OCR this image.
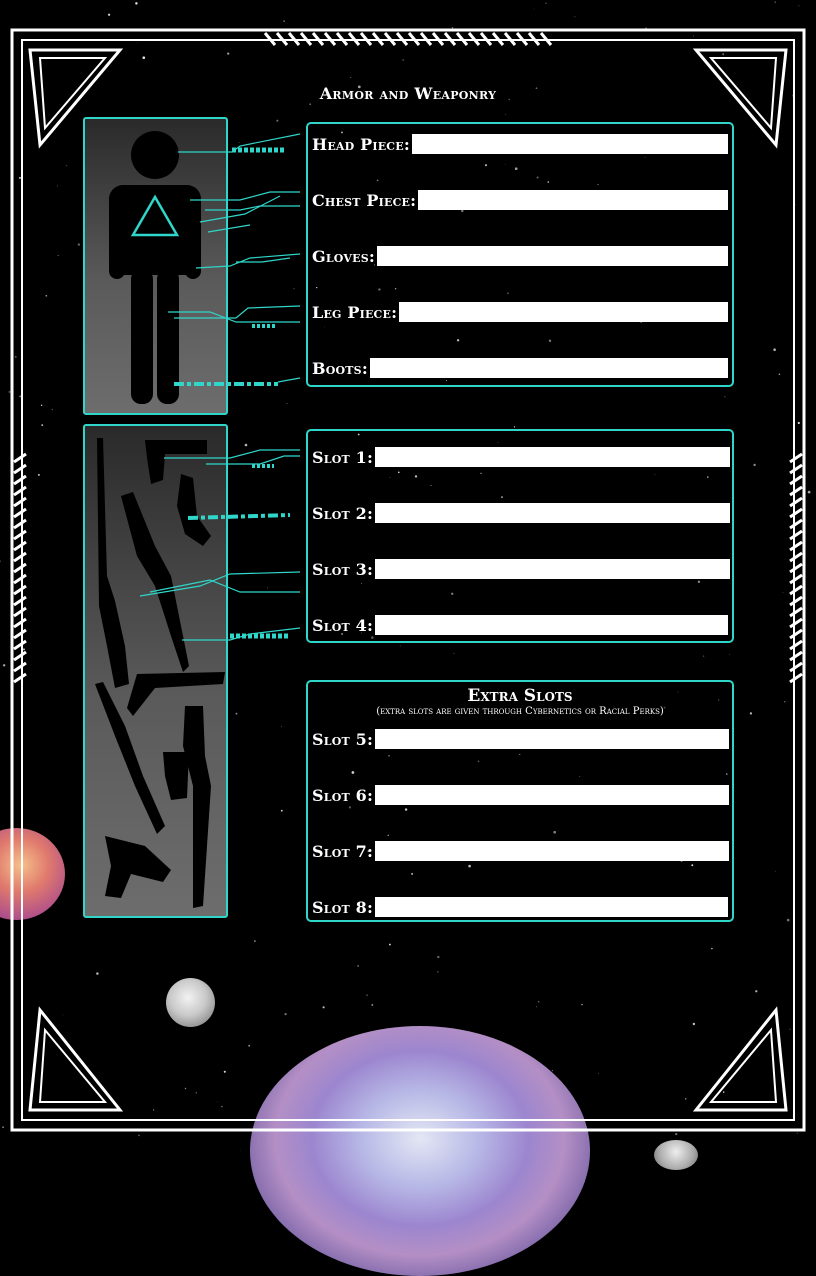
Armor and Weaponry
Head Piece:
Chest Piece:
Gloves:
Leg Piece:
Boots:
Slot 1:
Slot 2:
Slot 3:
Slot 4:
Extra Slots
(extra slots are given through Cybernetics or Racial Perks)
Slot 5:
Slot 6:
Slot 7:
Slot 8:
